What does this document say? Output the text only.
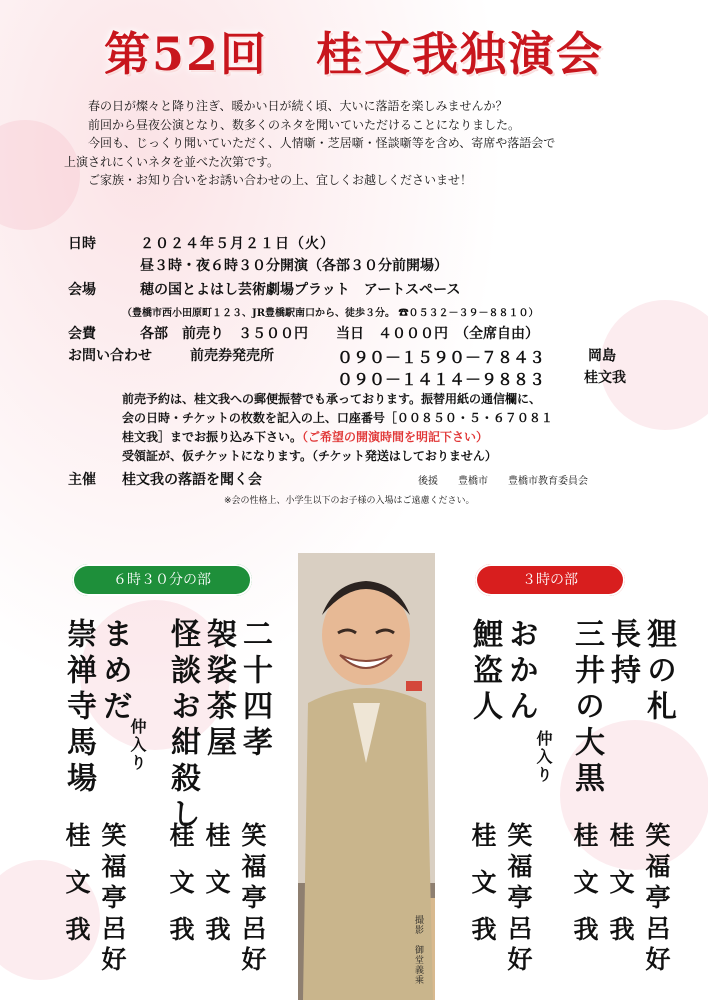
第52回 桂文我独演会

春の日が燦々と降り注ぎ、暖かい日が続く頃、大いに落語を楽しみませんか？

前回から昼夜公演となり、数多くのネタを聞いていただけることになりました。

今回も、じっくり聞いていただく、人情噺・芝居噺・怪談噺等を含め、寄席や落語会で

上演されにくいネタを並べた次第です。

ご家族・お知り合いをお誘い合わせの上、宜しくお越しくださいませ！

日時	２０２４年５月２１日（火）
昼３時・夜６時３０分開演（各部３０分前開場）
会場	穂の国とよはし芸術劇場プラット　アートスペース
（豊橋市西小田原町１２３、JR豊橋駅南口から、徒歩３分。 ☎０５３２－３９－８８１０）
会費	各部　前売り　３５００円　　当日　４０００円　（全席自由）
お問い合わせ	前売券発売所	０９０－１５９０－７８４３	岡島
０９０－１４１４－９８８３	桂文我
前売予約は、桂文我への郵便振替でも承っております。振替用紙の通信欄に、
会の日時・チケットの枚数を記入の上、口座番号［００８５０・５・６７０８１
桂文我］までお振り込み下さい。（ご希望の開演時間を明記下さい）
受領証が、仮チケットになります。（チケット発送はしておりません）
主催 桂文我の落語を聞く会	後援　　豊橋市　　豊橋市教育委員会
※会の性格上、小学生以下のお子様の入場はご遠慮ください。
６時３０分の部	３時の部
撮影　御堂義乘
二十四孝
袈裟茶屋
怪談お紺殺し
仲入り
まめだ
崇禅寺馬場
笑福亭呂好
桂文我
桂文我
笑福亭呂好
桂文我
狸の札
長持
三井の大黒
仲入り
おかん
鯉盗人
笑福亭呂好
桂文我
桂文我
笑福亭呂好
桂文我
